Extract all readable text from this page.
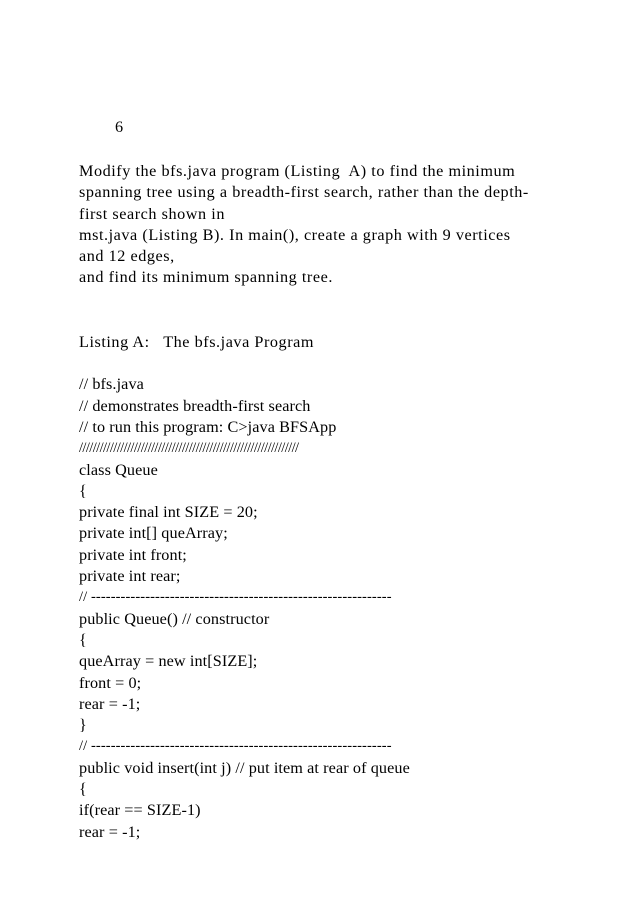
6
Modify the bfs.java program (Listing  A) to find the minimum
spanning tree using a breadth-first search, rather than the depth-
first search shown in
mst.java (Listing B). In main(), create a graph with 9 vertices
and 12 edges,
and find its minimum spanning tree.
Listing A:   The bfs.java Program
// bfs.java
// demonstrates breadth-first search
// to run this program: C>java BFSApp
////////////////////////////////////////////////////////////////
class Queue
{
private final int SIZE = 20;
private int[] queArray;
private int front;
private int rear;
// -------------------------------------------------------------
public Queue() // constructor
{
queArray = new int[SIZE];
front = 0;
rear = -1;
}
// -------------------------------------------------------------
public void insert(int j) // put item at rear of queue
{
if(rear == SIZE-1)
rear = -1;
